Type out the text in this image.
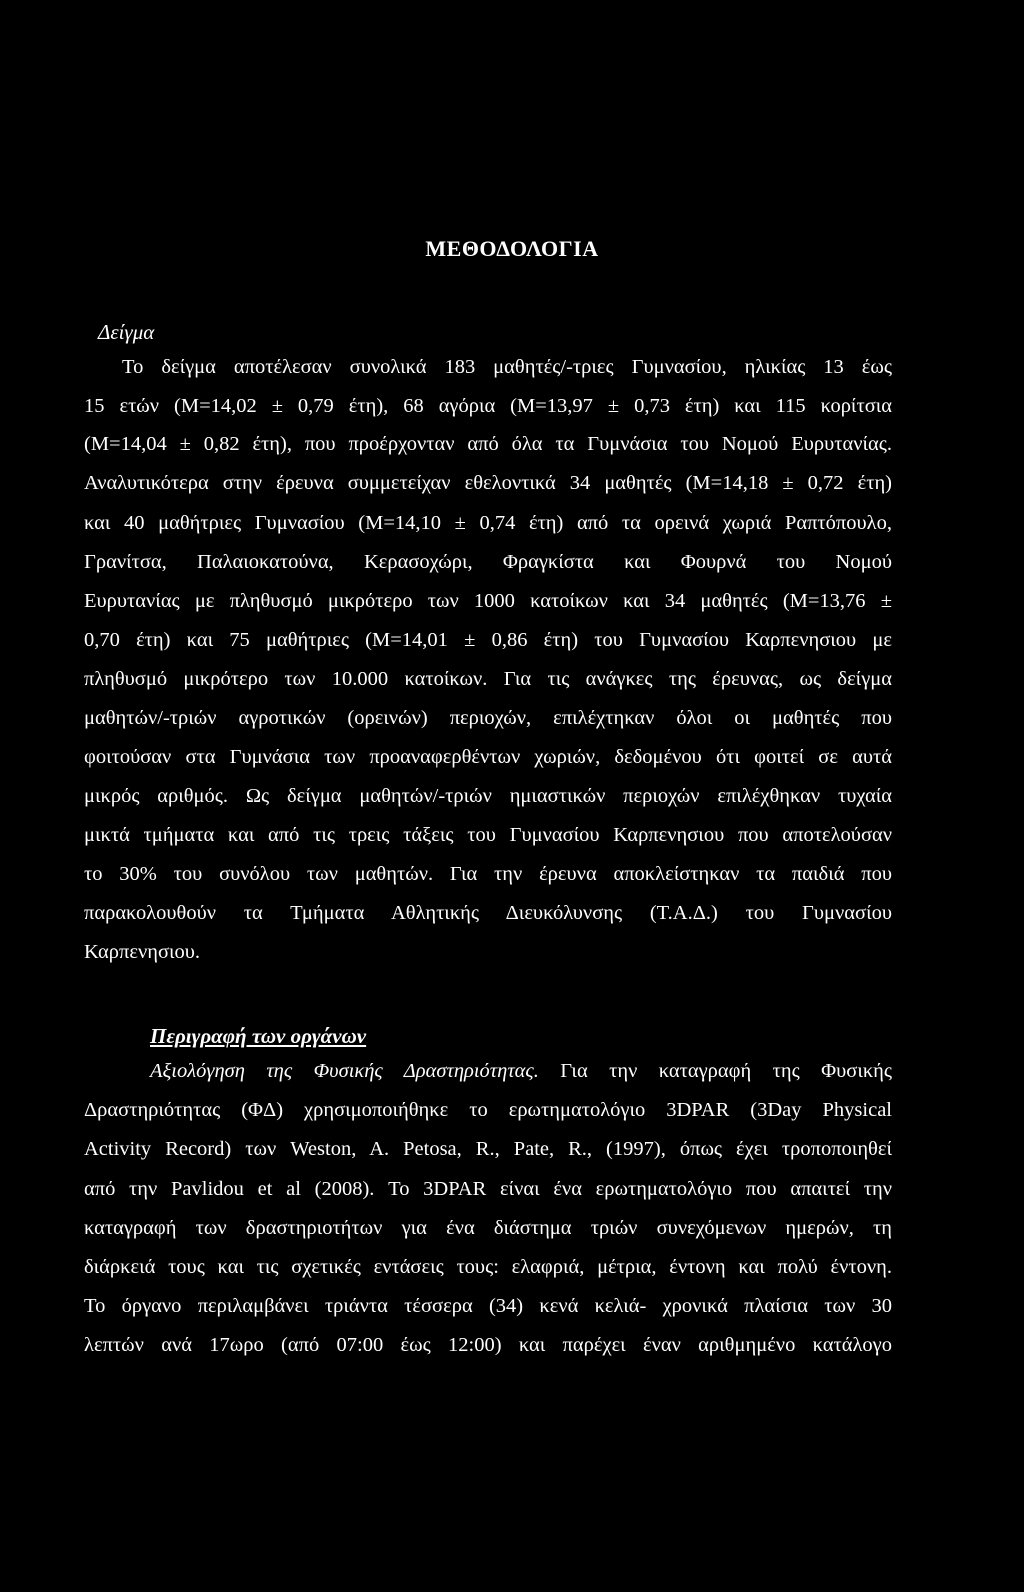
ΜΕΘΟΔΟΛΟΓΙΑ
Δείγμα
Το δείγμα αποτέλεσαν συνολικά 183 μαθητές/-τριες Γυμνασίου, ηλικίας 13 έως
15 ετών (Μ=14,02 ± 0,79 έτη), 68 αγόρια (Μ=13,97 ± 0,73 έτη) και 115 κορίτσια
(Μ=14,04 ± 0,82 έτη), που προέρχονταν από όλα τα Γυμνάσια του Νομού Ευρυτανίας.
Αναλυτικότερα στην έρευνα συμμετείχαν εθελοντικά 34 μαθητές (Μ=14,18 ± 0,72 έτη)
και 40 μαθήτριες Γυμνασίου (Μ=14,10 ± 0,74 έτη) από τα ορεινά χωριά Ραπτόπουλο,
Γρανίτσα, Παλαιοκατούνα, Κερασοχώρι, Φραγκίστα και Φουρνά του Νομού
Ευρυτανίας με πληθυσμό μικρότερο των 1000 κατοίκων και 34 μαθητές (Μ=13,76 ±
0,70 έτη) και 75 μαθήτριες (Μ=14,01 ± 0,86 έτη) του Γυμνασίου Καρπενησιου με
πληθυσμό μικρότερο των 10.000 κατοίκων. Για τις ανάγκες της έρευνας, ως δείγμα
μαθητών/-τριών αγροτικών (ορεινών) περιοχών, επιλέχτηκαν όλοι οι μαθητές που
φοιτούσαν στα Γυμνάσια των προαναφερθέντων χωριών, δεδομένου ότι φοιτεί σε αυτά
μικρός αριθμός. Ως δείγμα μαθητών/-τριών ημιαστικών περιοχών επιλέχθηκαν τυχαία
μικτά τμήματα και από τις τρεις τάξεις του Γυμνασίου Καρπενησιου που αποτελούσαν
το 30% του συνόλου των μαθητών. Για την έρευνα αποκλείστηκαν τα παιδιά που
παρακολουθούν τα Τμήματα Αθλητικής Διευκόλυνσης (Τ.Α.Δ.) του Γυμνασίου
Καρπενησιου.
Περιγραφή των οργάνων
Αξιολόγηση της Φυσικής Δραστηριότητας. Για την καταγραφή της Φυσικής
Δραστηριότητας (ΦΔ) χρησιμοποιήθηκε το ερωτηματολόγιο 3DPAR (3Day Physical
Activity Record) των Weston, A. Petosa, R., Pate, R., (1997), όπως έχει τροποποιηθεί
από την Pavlidou et al (2008). Το 3DPAR είναι ένα ερωτηματολόγιο που απαιτεί την
καταγραφή των δραστηριοτήτων για ένα διάστημα τριών συνεχόμενων ημερών, τη
διάρκειά τους και τις σχετικές εντάσεις τους: ελαφριά, μέτρια, έντονη και πολύ έντονη.
Το όργανο περιλαμβάνει τριάντα τέσσερα (34) κενά κελιά- χρονικά πλαίσια των 30
λεπτών ανά 17ωρο (από 07:00 έως 12:00) και παρέχει έναν αριθμημένο κατάλογο
